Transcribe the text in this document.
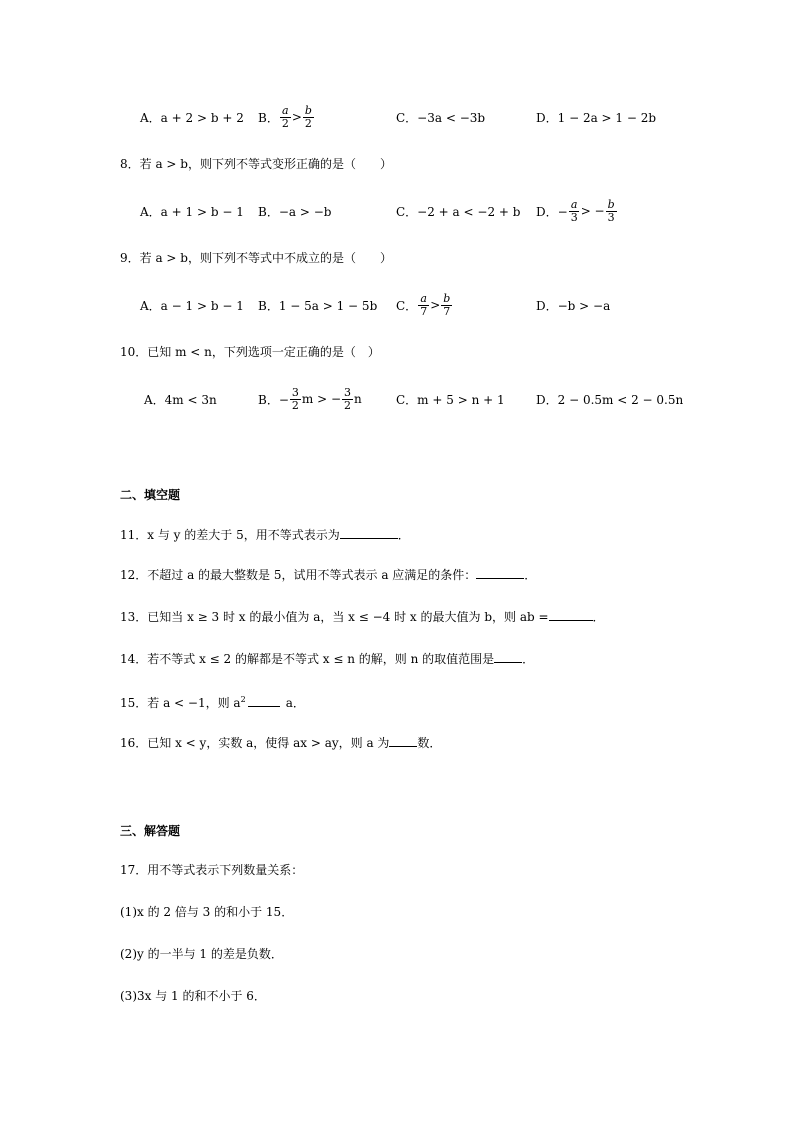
A．a + 2 > b + 2 B． $\frac{a}{2} > \frac{b}{2}$	C．−3a < −3b	D．1 − 2a > 1 − 2b
8．若 a > b，则下列不等式变形正确的是（　　）
A．a + 1 > b − 1 B．−a > −b	C．−2 + a < −2 + b D．− $\frac{a}{3}$ > − $\frac{b}{3}$
9．若 a > b，则下列不等式中不成立的是（　　）
A．a − 1 > b − 1 B．1 − 5a > 1 − 5b C． $\frac{a}{7} > \frac{b}{7}$	D．−b > −a
10．已知 m < n，下列选项一定正确的是（　）
A．4m < 3n	B．− $\frac{3}{2}$ m > − $\frac{3}{2}$ n	C．m + 5 > n + 1	D．2 − 0.5m < 2 − 0.5n
二、填空题
11．x 与 y 的差大于 5，用不等式表示为	．
12．不超过 a 的最大整数是 5，试用不等式表示 a 应满足的条件：	．
13．已知当 x ≥ 3 时 x 的最小值为 a，当 x ≤ −4 时 x 的最大值为 b，则 ab =	．
14．若不等式 x ≤ 2 的解都是不等式 x ≤ n 的解，则 n 的取值范围是 ．
15．若 a < −1，则 $a^2$	a．
16．已知 x < y，实数 a，使得 ax > ay，则 a 为 数．
三、解答题
17．用不等式表示下列数量关系：
(1)x 的 2 倍与 3 的和小于 15．
(2)y 的一半与 1 的差是负数．
(3)3x 与 1 的和不小于 6．
